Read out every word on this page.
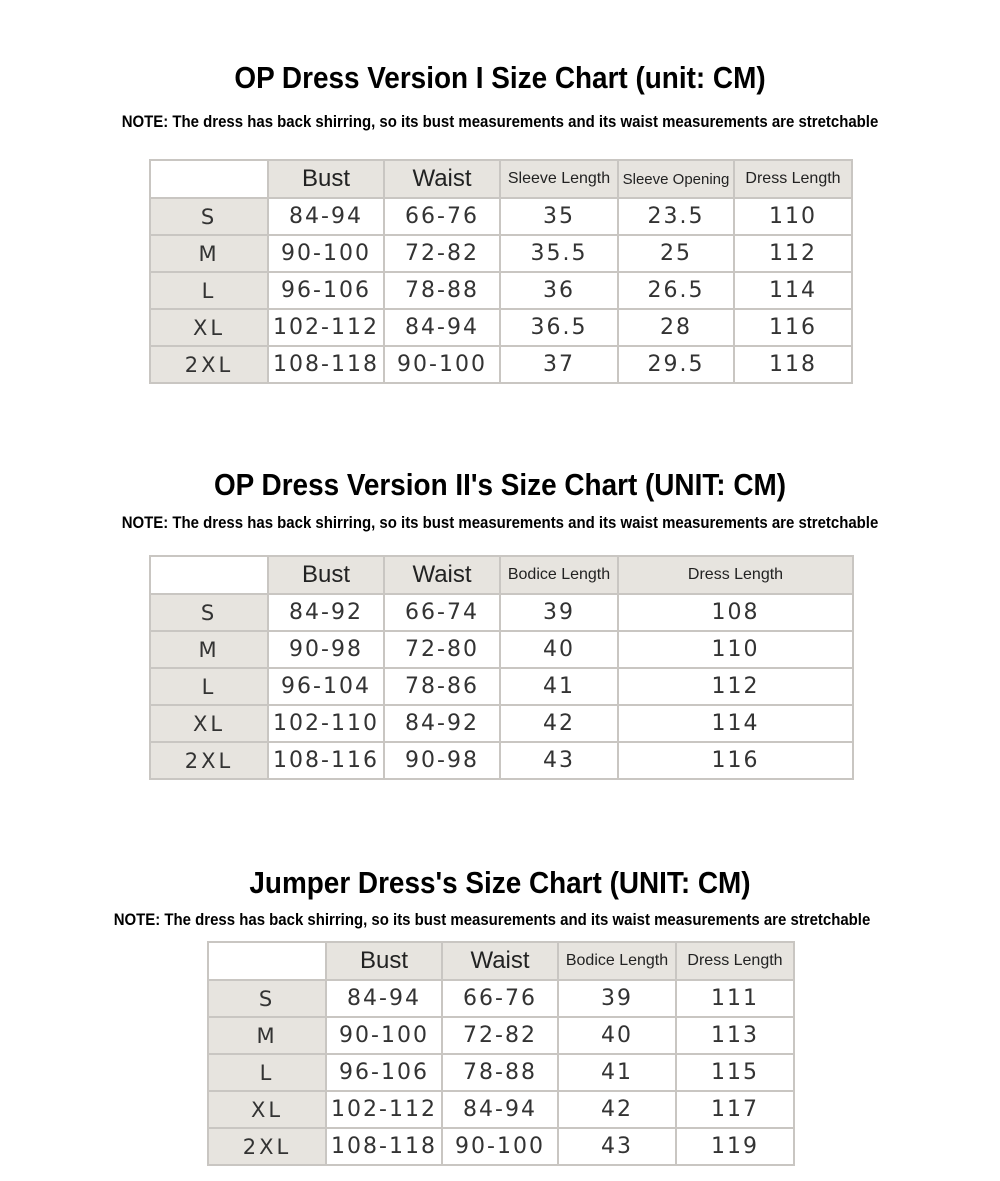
OP Dress Version I Size Chart (unit: CM)
NOTE: The dress has back shirring, so its bust measurements and its waist measurements are stretchable
	Bust	Waist	Sleeve Length	Sleeve Opening	Dress Length
S	84-94	66-76	35	23.5	110
M	90-100	72-82	35.5	25	112
L	96-106	78-88	36	26.5	114
XL	102-112	84-94	36.5	28	116
2XL	108-118	90-100	37	29.5	118
OP Dress Version II's Size Chart (UNIT: CM)
NOTE: The dress has back shirring, so its bust measurements and its waist measurements are stretchable
	Bust	Waist	Bodice Length	Dress Length
S	84-92	66-74	39	108
M	90-98	72-80	40	110
L	96-104	78-86	41	112
XL	102-110	84-92	42	114
2XL	108-116	90-98	43	116
Jumper Dress's Size Chart (UNIT: CM)
NOTE: The dress has back shirring, so its bust measurements and its waist measurements are stretchable
	Bust	Waist	Bodice Length	Dress Length
S	84-94	66-76	39	111
M	90-100	72-82	40	113
L	96-106	78-88	41	115
XL	102-112	84-94	42	117
2XL	108-118	90-100	43	119
